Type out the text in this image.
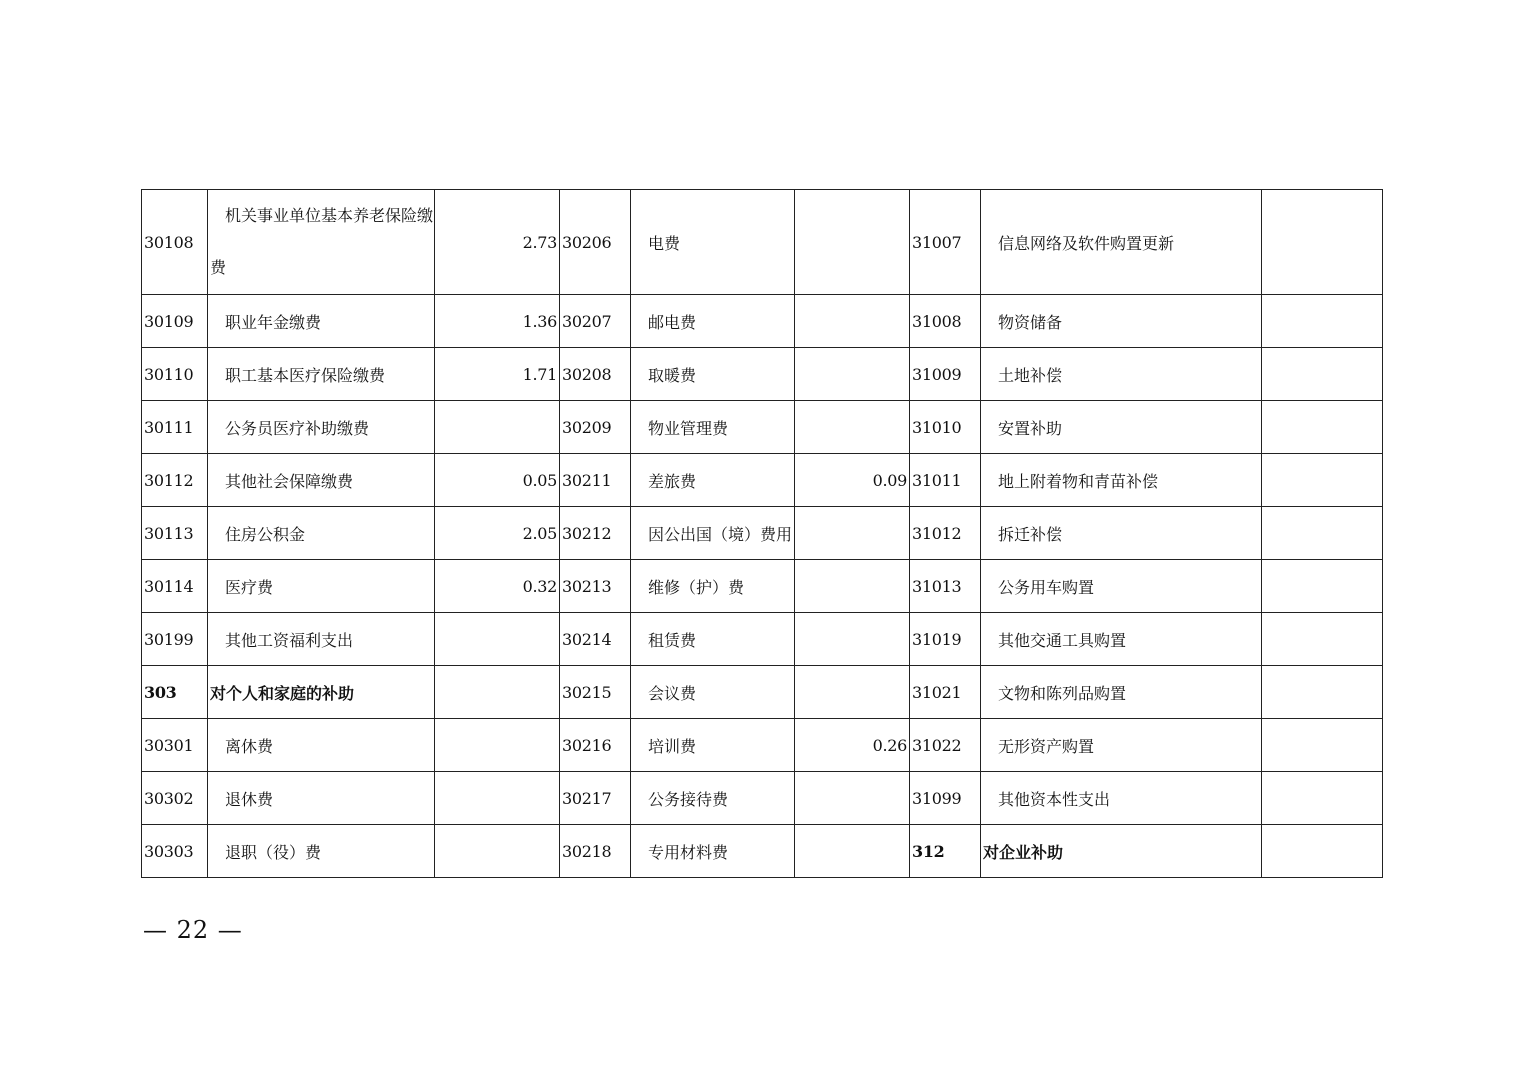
30108	机关事业单位基本养老保险缴费	2.73	30206	电费		31007	信息网络及软件购置更新	
30109	职业年金缴费	1.36	30207	邮电费		31008	物资储备	
30110	职工基本医疗保险缴费	1.71	30208	取暖费		31009	土地补偿	
30111	公务员医疗补助缴费		30209	物业管理费		31010	安置补助	
30112	其他社会保障缴费	0.05	30211	差旅费	0.09	31011	地上附着物和青苗补偿	
30113	住房公积金	2.05	30212	因公出国（境）费用		31012	拆迁补偿	
30114	医疗费	0.32	30213	维修（护）费		31013	公务用车购置	
30199	其他工资福利支出		30214	租赁费		31019	其他交通工具购置	
303	对个人和家庭的补助		30215	会议费		31021	文物和陈列品购置	
30301	离休费		30216	培训费	0.26	31022	无形资产购置	
30302	退休费		30217	公务接待费		31099	其他资本性支出	
30303	退职（役）费		30218	专用材料费		312	对企业补助	
— 22 —
